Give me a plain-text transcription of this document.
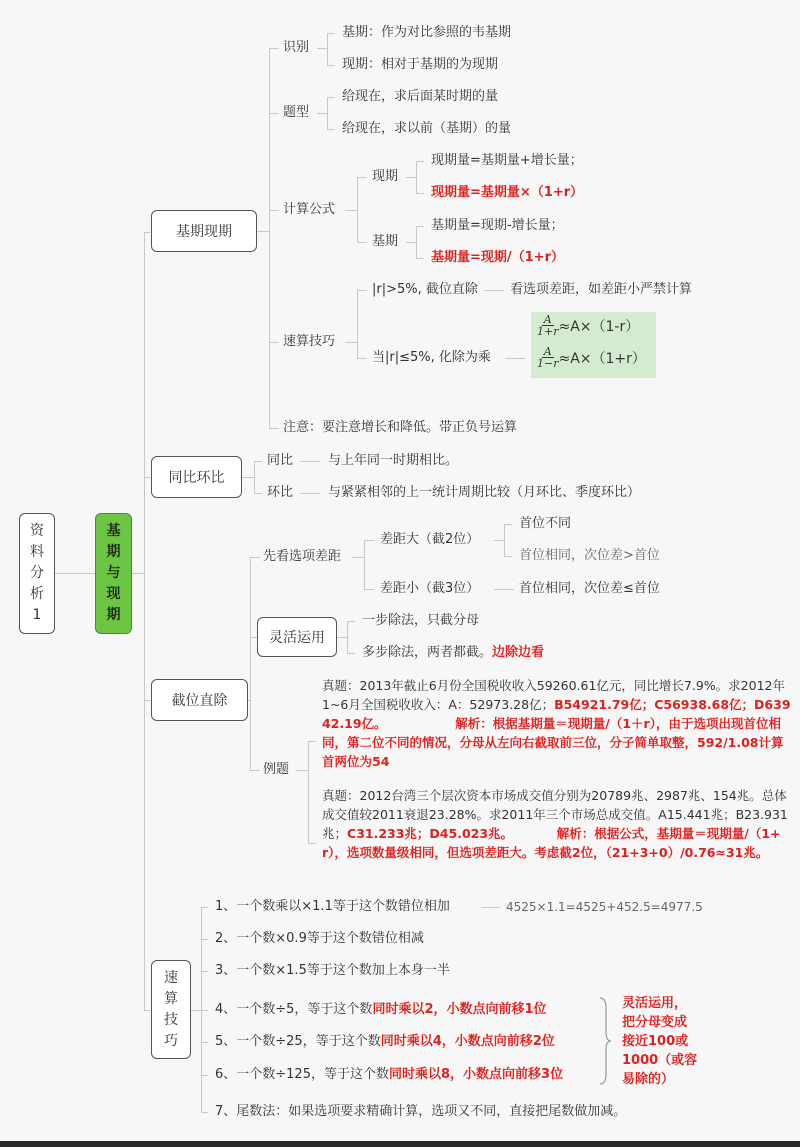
资
料
分
析
1
基
期
与
现
期
基期现期
识别
基期：作为对比参照的韦基期
现期：相对于基期的为现期
题型
给现在，求后面某时期的量
给现在，求以前（基期）的量
计算公式
现期
现期量=基期量+增长量；
现期量=基期量×（1+r）
基期
基期量=现期-增长量；
基期量=现期/（1+r）
速算技巧
|r|>5%, 截位直除 看选项差距，如差距小严禁计算
当|r|≤5%, 化除为乘
$\frac{A}{1+r} \approx A\times(1-r)$
$\frac{A}{1-r} \approx A\times(1+r)$
注意：要注意增长和降低。带正负号运算
同比环比
同比	与上年同一时期相比。
环比	与紧紧相邻的上一统计周期比较（月环比、季度环比）
截位直除
先看选项差距
差距大（截2位）
首位不同
首位相同，次位差>首位
差距小（截3位）	首位相同，次位差≤首位
灵活运用
一步除法，只截分母
多步除法，两者都截。边除边看
例题
真题：2013年截止6月份全国税收收入59260.61亿元，同比增长7.9%。求2012年1~6月全国税收收入：A：52973.28亿；B54921.79亿；C56938.68亿；D63942.19亿。　　　　　　解析：根据基期量＝现期量/（1＋r），由于选项出现首位相同，第二位不同的情况，分母从左向右截取前三位，分子简单取整，592/1.08计算首两位为54
真题：2012台湾三个层次资本市场成交值分别为20789兆、2987兆、154兆。总体成交值较2011衰退23.28%。求2011年三个市场总成交值。A15.441兆；B23.931兆；C31.233兆；D45.023兆。　　　　解析：根据公式，基期量＝现期量/（1+r），选项数量级相同，但选项差距大。考虑截2位，（21+3+0）/0.76≈31兆。
速
算
技
巧
1、一个数乘以×1.1等于这个数错位相加	4525×1.1=4525+452.5=4977.5
2、一个数×0.9等于这个数错位相减
3、一个数×1.5等于这个数加上本身一半
4、一个数÷5，等于这个数同时乘以2，小数点向前移1位
5、一个数÷25，等于这个数同时乘以4，小数点向前移2位
6、一个数÷125，等于这个数同时乘以8，小数点向前移3位
7、尾数法：如果选项要求精确计算，选项又不同，直接把尾数做加减。
灵活运用，
把分母变成
接近100或
1000（或容
易除的）
